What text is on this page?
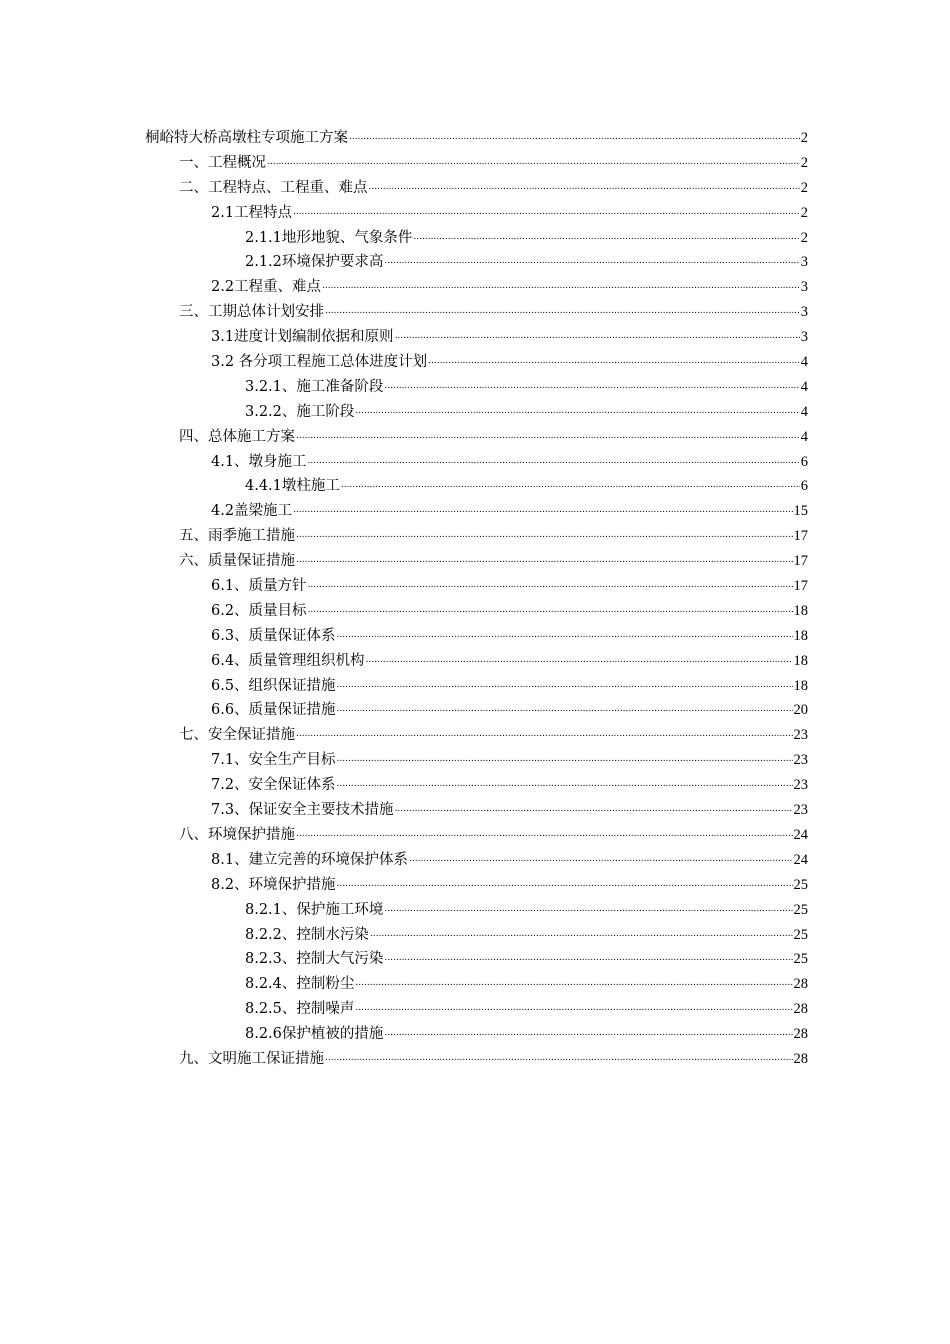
桐峪特大桥高墩柱专项施工方案 .....	2
一、工程概况 .....	2
二、工程特点、工程重、难点 .....	2
2.1工程特点 .....	2
2.1.1地形地貌、气象条件 .....	2
2.1.2环境保护要求高 .....	3
2.2工程重、难点 .....	3
三、工期总体计划安排 .....	3
3.1进度计划编制依据和原则 .....	3
3.2 各分项工程施工总体进度计划 .....	4
3.2.1、施工准备阶段 .....	4
3.2.2、施工阶段 .....	4
四、总体施工方案 .....	4
4.1、墩身施工 .....	6
4.4.1墩柱施工 .....	6
4.2盖梁施工 .....	15
五、雨季施工措施 .....	17
六、质量保证措施 .....	17
6.1、质量方针 .....	17
6.2、质量目标 .....	18
6.3、质量保证体系 .....	18
6.4、质量管理组织机构 .....	18
6.5、组织保证措施 .....	18
6.6、质量保证措施 .....	20
七、安全保证措施 .....	23
7.1、安全生产目标 .....	23
7.2、安全保证体系 .....	23
7.3、保证安全主要技术措施 .....	23
八、环境保护措施 .....	24
8.1、建立完善的环境保护体系 .....	24
8.2、环境保护措施 .....	25
8.2.1、保护施工环境 .....	25
8.2.2、控制水污染 .....	25
8.2.3、控制大气污染 .....	25
8.2.4、控制粉尘 .....	28
8.2.5、控制噪声 .....	28
8.2.6保护植被的措施 .....	28
九、文明施工保证措施 .....	28
